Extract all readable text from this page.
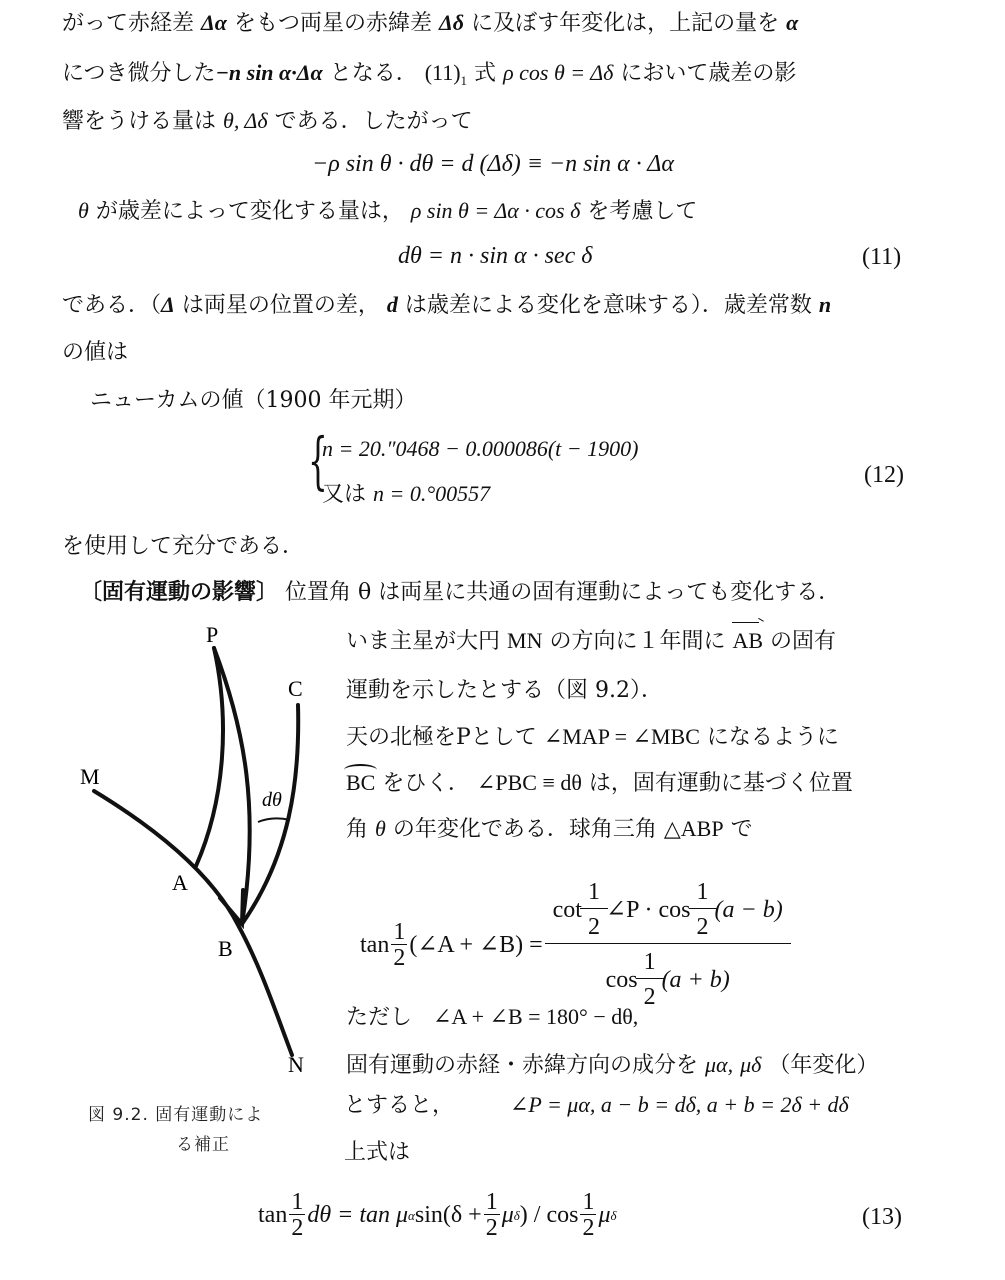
がって赤経差 Δα をもつ両星の赤緯差 Δδ に及ぼす年変化は，上記の量を α
につき微分した−n sin α·Δα となる． $(11)_1$ 式 ρ cos θ = Δδ において歳差の影
響をうける量は θ, Δδ である．したがって
−ρ sin θ · dθ = d (Δδ) ≡ −n sin α · Δα
θ が歳差によって変化する量は， ρ sin θ = Δα · cos δ を考慮して
dθ = n · sin α · sec δ	(11)
である．（Δ は両星の位置の差， d は歳差による変化を意味する）．歳差常数 n
の値は
ニューカムの値（1900 年元期）
{
n = 20.″0468 − 0.000086(t − 1900)
又は n = 0.°00557
(12)
を使用して充分である．
〔固有運動の影響〕 位置角 θ は両星に共通の固有運動によっても変化する．
いま主星が大円 MN の方向に１年間に AB の固有
運動を示したとする（図 9.2）．
天の北極をPとして ∠MAP = ∠MBC になるように
BC をひく． ∠PBC ≡ dθ は，固有運動に基づく位置
角 θ の年変化である．球角三角 △ABP で
$\tan \frac{1}{2}$ (∠A + ∠B) = $\frac{\cot \frac{1}{2} \angle P \cdot \cos \frac{1}{2} (a - b)}{\cos \frac{1}{2} (a + b)}$
ただし ∠A + ∠B = 180° − dθ,
固有運動の赤経・赤緯方向の成分を μα, μδ （年変化）
とすると，	∠P = μα, a − b = dδ, a + b = 2δ + dδ
上式は
$\tan \frac{1}{2}$ dθ = tan μ α $\sin(\delta + \frac{1}{2}$ μ δ ) / $\cos \frac{1}{2}$ μ δ	(13)
P
C
M
A
B
N
dθ
図 9.2. 固有運動によ
る補正
